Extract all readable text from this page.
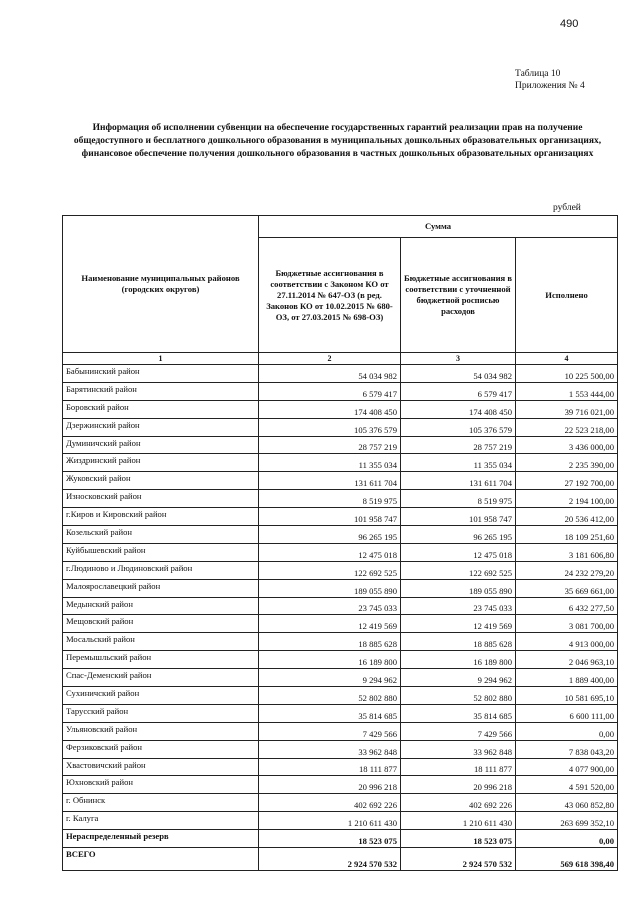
490
Таблица 10
Приложения № 4
Информация об исполнении субвенции на обеспечение государственных гарантий реализации прав на получение
общедоступного и бесплатного дошкольного образования в муниципальных дошкольных образовательных организациях,
финансовое обеспечение получения дошкольного образования в частных дошкольных образовательных организациях
рублей
Наименование муниципальных районов (городских округов)	Сумма		
	Бюджетные ассигнования в соответствии с Законом КО от 27.11.2014 № 647-ОЗ (в ред. Законов КО от 10.02.2015 № 680-ОЗ, от 27.03.2015 № 698-ОЗ)	Бюджетные ассигнования в соответствии с уточненной бюджетной росписью расходов	Исполнено
1	2	3	4
Бабынинский район	54 034 982	54 034 982	10 225 500,00
Барятинский район	6 579 417	6 579 417	1 553 444,00
Боровский район	174 408 450	174 408 450	39 716 021,00
Дзержинский район	105 376 579	105 376 579	22 523 218,00
Думиничский район	28 757 219	28 757 219	3 436 000,00
Жиздринский район	11 355 034	11 355 034	2 235 390,00
Жуковский район	131 611 704	131 611 704	27 192 700,00
Износковский район	8 519 975	8 519 975	2 194 100,00
г.Киров и Кировский район	101 958 747	101 958 747	20 536 412,00
Козельский район	96 265 195	96 265 195	18 109 251,60
Куйбышевский район	12 475 018	12 475 018	3 181 606,80
г.Людиново и Людиновский район	122 692 525	122 692 525	24 232 279,20
Малоярославецкий район	189 055 890	189 055 890	35 669 661,00
Медынский район	23 745 033	23 745 033	6 432 277,50
Мещовский район	12 419 569	12 419 569	3 081 700,00
Мосальский район	18 885 628	18 885 628	4 913 000,00
Перемышльский район	16 189 800	16 189 800	2 046 963,10
Спас-Деменский район	9 294 962	9 294 962	1 889 400,00
Сухиничский район	52 802 880	52 802 880	10 581 695,10
Тарусский район	35 814 685	35 814 685	6 600 111,00
Ульяновский район	7 429 566	7 429 566	0,00
Ферзиковский район	33 962 848	33 962 848	7 838 043,20
Хвастовичский район	18 111 877	18 111 877	4 077 900,00
Юхновский район	20 996 218	20 996 218	4 591 520,00
г. Обнинск	402 692 226	402 692 226	43 060 852,80
г. Калуга	1 210 611 430	1 210 611 430	263 699 352,10
Нераспределенный резерв	18 523 075	18 523 075	0,00
ВСЕГО	2 924 570 532	2 924 570 532	569 618 398,40
